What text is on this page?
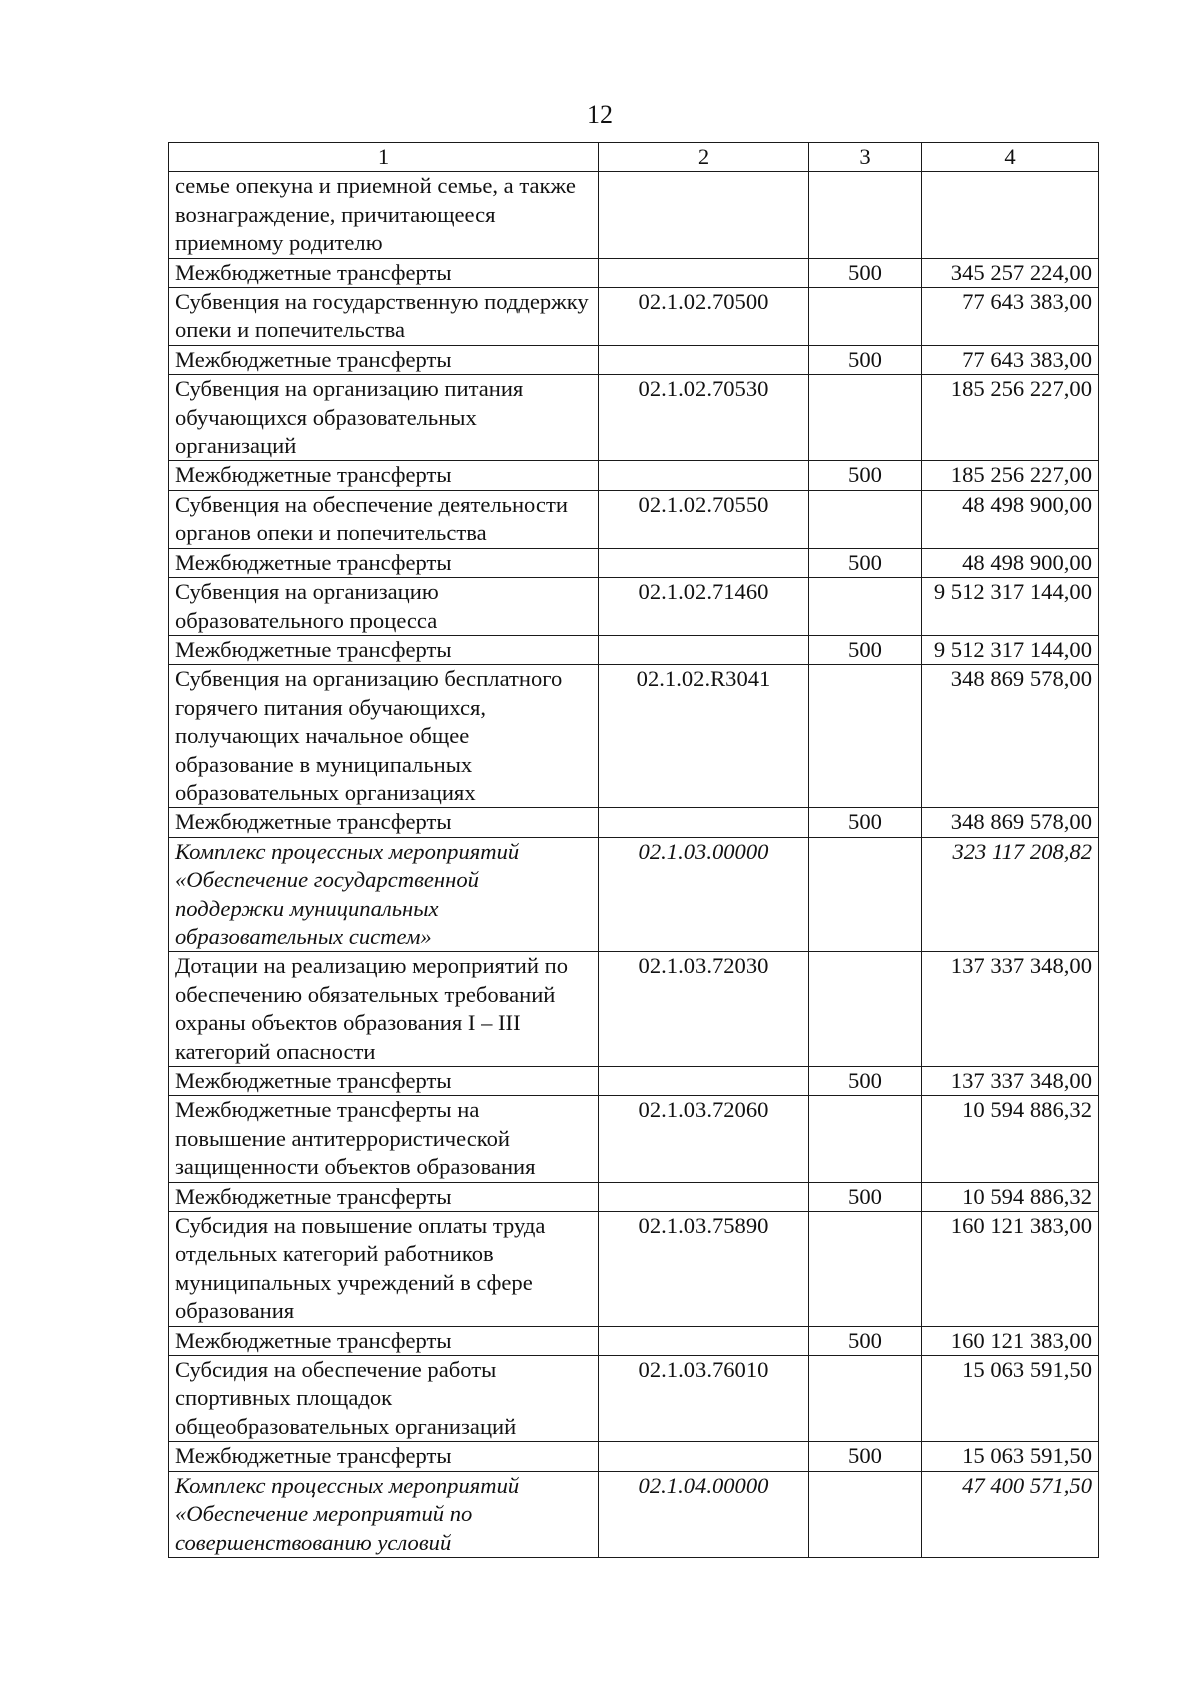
12
1	2	3	4
семье опекуна и приемной семье, а также вознаграждение, причитающееся приемному родителю			
Межбюджетные трансферты		500	345 257 224,00
Субвенция на государственную поддержку опеки и попечительства	02.1.02.70500		77 643 383,00
Межбюджетные трансферты		500	77 643 383,00
Субвенция на организацию питания обучающихся образовательных организаций	02.1.02.70530		185 256 227,00
Межбюджетные трансферты		500	185 256 227,00
Субвенция на обеспечение деятельности органов опеки и попечительства	02.1.02.70550		48 498 900,00
Межбюджетные трансферты		500	48 498 900,00
Субвенция на организацию образовательного процесса	02.1.02.71460		9 512 317 144,00
Межбюджетные трансферты		500	9 512 317 144,00
Субвенция на организацию бесплатного горячего питания обучающихся, получающих начальное общее образование в муниципальных образовательных организациях	02.1.02.R3041		348 869 578,00
Межбюджетные трансферты		500	348 869 578,00
Комплекс процессных мероприятий «Обеспечение государственной поддержки муниципальных образовательных систем»	02.1.03.00000		323 117 208,82
Дотации на реализацию мероприятий по обеспечению обязательных требований охраны объектов образования I – III категорий опасности	02.1.03.72030		137 337 348,00
Межбюджетные трансферты		500	137 337 348,00
Межбюджетные трансферты на повышение антитеррористической защищенности объектов образования	02.1.03.72060		10 594 886,32
Межбюджетные трансферты		500	10 594 886,32
Субсидия на повышение оплаты труда отдельных категорий работников муниципальных учреждений в сфере образования	02.1.03.75890		160 121 383,00
Межбюджетные трансферты		500	160 121 383,00
Субсидия на обеспечение работы спортивных площадок общеобразовательных организаций	02.1.03.76010		15 063 591,50
Межбюджетные трансферты		500	15 063 591,50
Комплекс процессных мероприятий «Обеспечение мероприятий по совершенствованию условий	02.1.04.00000		47 400 571,50
